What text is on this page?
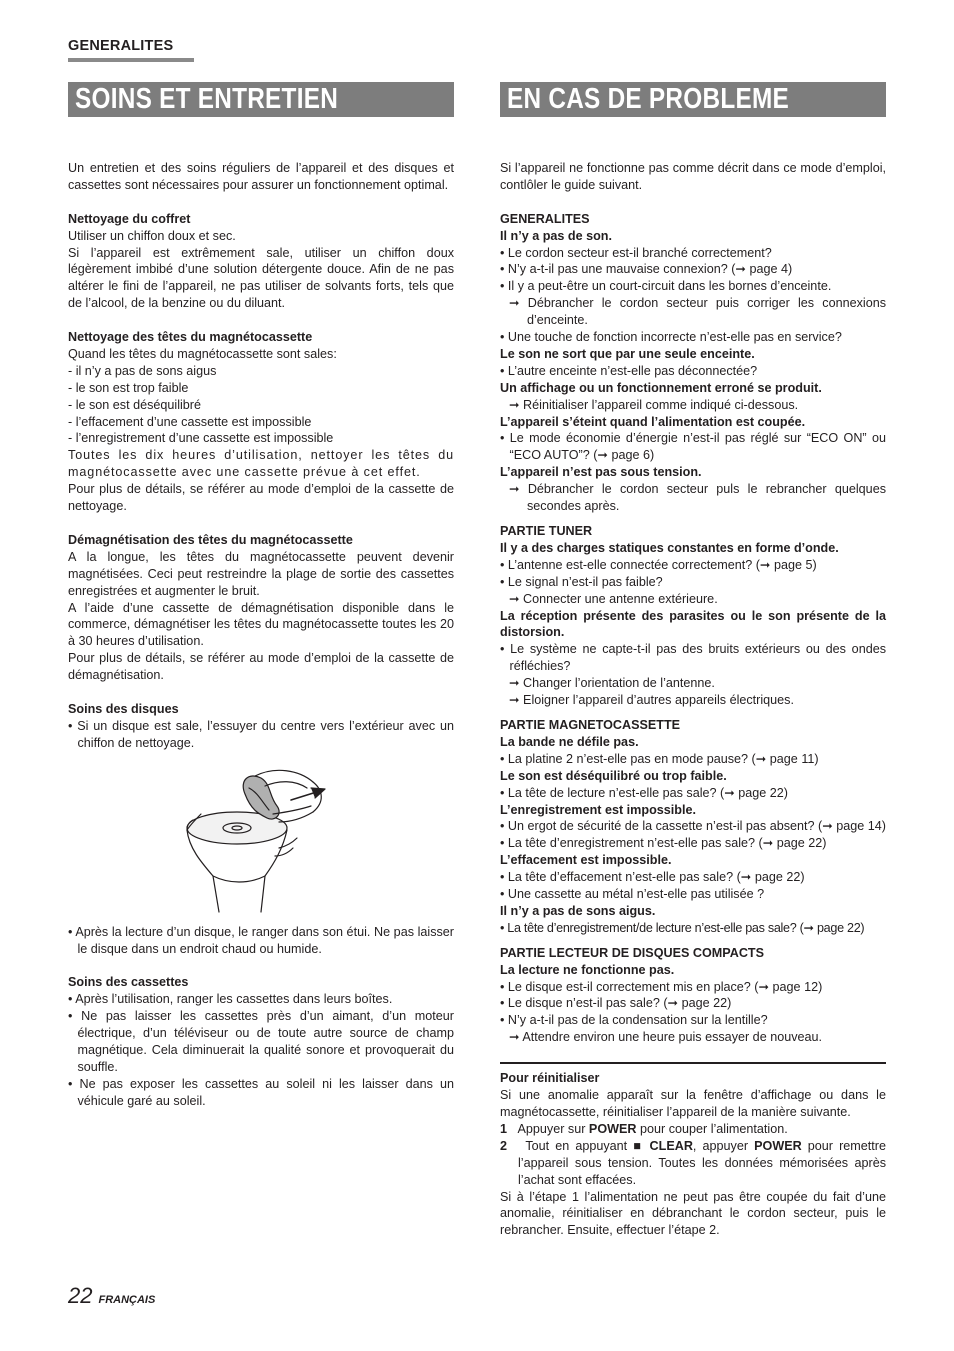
GENERALITES
SOINS ET ENTRETIEN	EN CAS DE PROBLEME

Un entretien et des soins réguliers de l’appareil et des disques et cassettes sont nécessaires pour assurer un fonctionnement optimal.

Nettoyage du coffret

Utiliser un chiffon doux et sec.

Si l’appareil est extrêmement sale, utiliser un chiffon doux légèrement imbibé d’une solution détergente douce. Afin de ne pas altérer le fini de l’appareil, ne pas utiliser de solvants forts, tels que de l’alcool, de la benzine ou du diluant.

Nettoyage des têtes du magnétocassette

Quand les têtes du magnétocassette sont sales:

- il n’y a pas de sons aigus

- le son est trop faible

- le son est déséquilibré

- l’effacement d’une cassette est impossible

- l’enregistrement d’une cassette est impossible

Toutes les dix heures d’utilisation, nettoyer les têtes du magnétocassette avec une cassette prévue à cet effet.

Pour plus de détails, se référer au mode d’emploi de la cassette de nettoyage.

Démagnétisation des têtes du magnétocassette

A la longue, les têtes du magnétocassette peuvent devenir magnétisées. Ceci peut restreindre la plage de sortie des cassettes enregistrées et augmenter le bruit.

A l’aide d’une cassette de démagnétisation disponible dans le commerce, démagnétiser les têtes du magnétocassette toutes les 20 à 30 heures d’utilisation.

Pour plus de détails, se référer au mode d’emploi de la cassette de démagnétisation.

Soins des disques

• Si un disque est sale, l’essuyer du centre vers l’extérieur avec un chiffon de nettoyage.

• Après la lecture d’un disque, le ranger dans son étui. Ne pas laisser le disque dans un endroit chaud ou humide.

Soins des cassettes

• Après l’utilisation, ranger les cassettes dans leurs boîtes.

• Ne pas laisser les cassettes près d’un aimant, d’un moteur électrique, d’un téléviseur ou de toute autre source de champ magnétique. Cela diminuerait la qualité sonore et provoquerait du souffle.

• Ne pas exposer les cassettes au soleil ni les laisser dans un véhicule garé au soleil.

Si l’appareil ne fonctionne pas comme décrit dans ce mode d’emploi, contlôler le guide suivant.

GENERALITES

Il n’y a pas de son.

• Le cordon secteur est-il branché correctement?

• N’y a-t-il pas une mauvaise connexion? (➞ page 4)

• Il y a peut-être un court-circuit dans les bornes d’enceinte.

➞ Débrancher le cordon secteur puis corriger les connexions d’enceinte.

• Une touche de fonction incorrecte n’est-elle pas en service?

Le son ne sort que par une seule enceinte.

• L’autre enceinte n’est-elle pas déconnectée?

Un affichage ou un fonctionnement erroné se produit.

➞ Réinitialiser l’appareil comme indiqué ci-dessous.

L’appareil s’éteint quand l’alimentation est coupée.

• Le mode économie d’énergie n’est-il pas réglé sur “ECO ON” ou “ECO AUTO”? (➞ page 6)

L’appareil n’est pas sous tension.

➞ Débrancher le cordon secteur puls le rebrancher quelques secondes après.

PARTIE TUNER

Il y a des charges statiques constantes en forme d’onde.

• L’antenne est-elle connectée correctement? (➞ page 5)

• Le signal n’est-il pas faible?

➞ Connecter une antenne extérieure.

La réception présente des parasites ou le son présente de la distorsion.

• Le système ne capte-t-il pas des bruits extérieurs ou des ondes réfléchies?

➞ Changer l’orientation de l’antenne.

➞ Eloigner l’appareil d’autres appareils électriques.

PARTIE MAGNETOCASSETTE

La bande ne défile pas.

• La platine 2 n’est-elle pas en mode pause? (➞ page 11)

Le son est déséquilibré ou trop faible.

• La tête de lecture n’est-elle pas sale? (➞ page 22)

L’enregistrement est impossible.

• Un ergot de sécurité de la cassette n’est-il pas absent? (➞ page 14)

• La tête d’enregistrement n’est-elle pas sale? (➞ page 22)

L’effacement est impossible.

• La tête d’effacement n’est-elle pas sale? (➞ page 22)

• Une cassette au métal n’est-elle pas utilisée ?

Il n’y a pas de sons aigus.

• La tête d’enregistrement/de lecture n’est-elle pas sale? (➞ page 22)

PARTIE LECTEUR DE DISQUES COMPACTS

La lecture ne fonctionne pas.

• Le disque est-il correctement mis en place? (➞ page 12)

• Le disque n’est-il pas sale? (➞ page 22)

• N’y a-t-il pas de la condensation sur la lentille?

➞ Attendre environ une heure puis essayer de nouveau.

Pour réinitialiser

Si une anomalie apparaît sur la fenêtre d’affichage ou dans le magnétocassette, réinitialiser l’appareil de la manière suivante.

1 Appuyer sur POWER pour couper l’alimentation.

2 Tout en appuyant ■ CLEAR, appuyer POWER pour remettre l’appareil sous tension. Toutes les données mémorisées après l’achat sont effacées.

Si à l’étape 1 l’alimentation ne peut pas être coupée du fait d’une anomalie, réinitialiser en débranchant le cordon secteur, puis le rebrancher. Ensuite, effectuer l’étape 2.

22 FRANÇAIS
